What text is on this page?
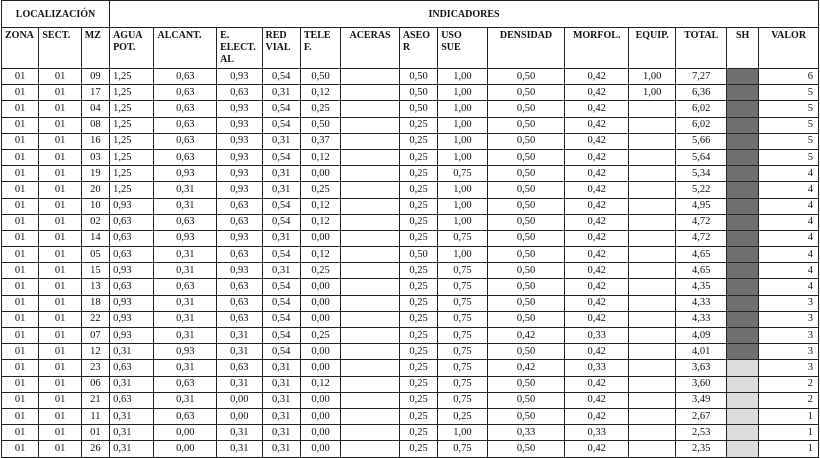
LOCALIZACIÓN			INDICADORES													
ZONA	SECT.	MZ	AGUA POT.	ALCANT.	E. ELECT. AL	RED VIAL	TELE F.	ACERAS	ASEO R	USO SUE	DENSIDAD	MORFOL.	EQUIP.	TOTAL	SH	VALOR
01	01	09	1,25	0,63	0,93	0,54	0,50		0,50	1,00	0,50	0,42	1,00	7,27		6
01	01	17	1,25	0,63	0,63	0,31	0,12		0,50	1,00	0,50	0,42	1,00	6,36		5
01	01	04	1,25	0,63	0,93	0,54	0,25		0,50	1,00	0,50	0,42		6,02		5
01	01	08	1,25	0,63	0,93	0,54	0,50		0,25	1,00	0,50	0,42		6,02		5
01	01	16	1,25	0,63	0,93	0,31	0,37		0,25	1,00	0,50	0,42		5,66		5
01	01	03	1,25	0,63	0,93	0,54	0,12		0,25	1,00	0,50	0,42		5,64		5
01	01	19	1,25	0,93	0,93	0,31	0,00		0,25	0,75	0,50	0,42		5,34		4
01	01	20	1,25	0,31	0,93	0,31	0,25		0,25	1,00	0,50	0,42		5,22		4
01	01	10	0,93	0,31	0,63	0,54	0,12		0,25	1,00	0,50	0,42		4,95		4
01	01	02	0,63	0,63	0,63	0,54	0,12		0,25	1,00	0,50	0,42		4,72		4
01	01	14	0,63	0,93	0,93	0,31	0,00		0,25	0,75	0,50	0,42		4,72		4
01	01	05	0,63	0,31	0,63	0,54	0,12		0,50	1,00	0,50	0,42		4,65		4
01	01	15	0,93	0,31	0,93	0,31	0,25		0,25	0,75	0,50	0,42		4,65		4
01	01	13	0,63	0,63	0,63	0,54	0,00		0,25	0,75	0,50	0,42		4,35		4
01	01	18	0,93	0,31	0,63	0,54	0,00		0,25	0,75	0,50	0,42		4,33		3
01	01	22	0,93	0,31	0,63	0,54	0,00		0,25	0,75	0,50	0,42		4,33		3
01	01	07	0,93	0,31	0,31	0,54	0,25		0,25	0,75	0,42	0,33		4,09		3
01	01	12	0,31	0,93	0,31	0,54	0,00		0,25	0,75	0,50	0,42		4,01		3
01	01	23	0,63	0,31	0,63	0,31	0,00		0,25	0,75	0,42	0,33		3,63		3
01	01	06	0,31	0,63	0,31	0,31	0,12		0,25	0,75	0,50	0,42		3,60		2
01	01	21	0,63	0,31	0,00	0,31	0,00		0,25	0,75	0,50	0,42		3,49		2
01	01	11	0,31	0,63	0,00	0,31	0,00		0,25	0,25	0,50	0,42		2,67		1
01	01	01	0,31	0,00	0,31	0,31	0,00		0,25	1,00	0,33	0,33		2,53		1
01	01	26	0,31	0,00	0,31	0,31	0,00		0,25	0,75	0,50	0,42		2,35		1
